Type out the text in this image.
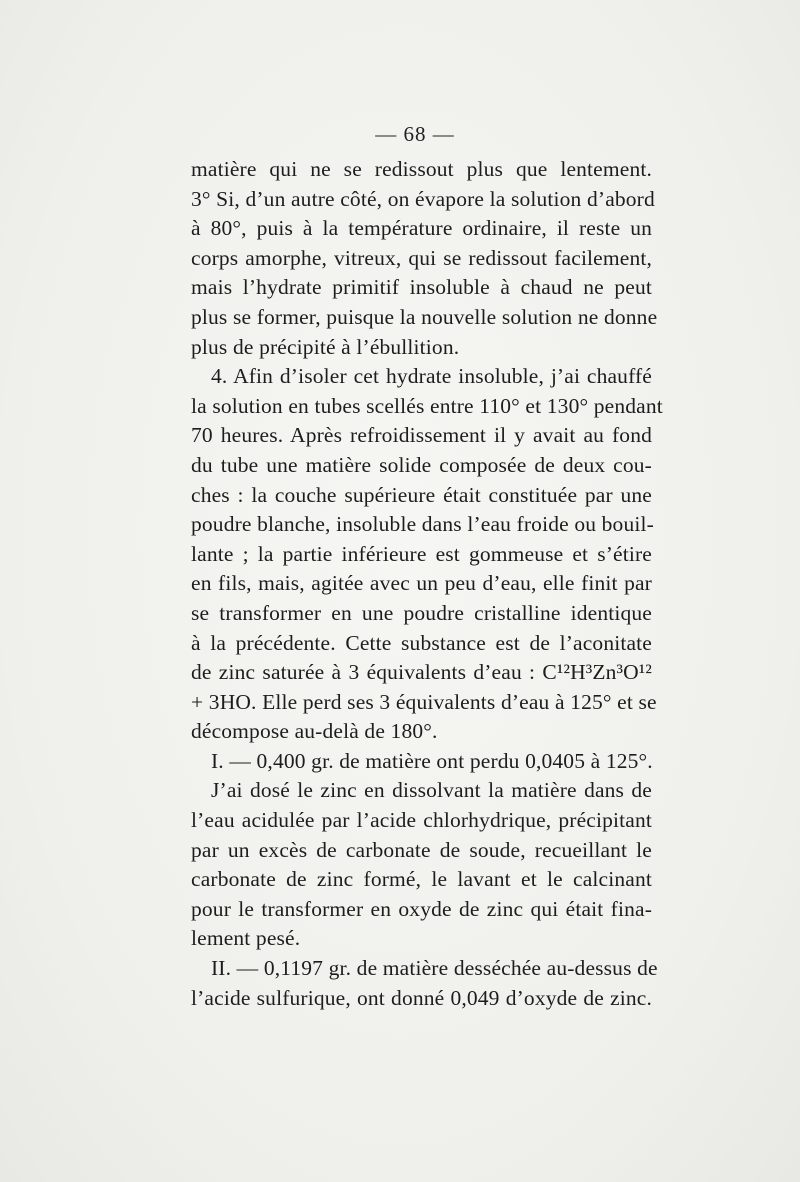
— 68 —
matière qui ne se redissout plus que lentement.
3° Si, d’un autre côté, on évapore la solution d’abord
à 80°, puis à la température ordinaire, il reste un
corps amorphe, vitreux, qui se redissout facilement,
mais l’hydrate primitif insoluble à chaud ne peut
plus se former, puisque la nouvelle solution ne donne
plus de précipité à l’ébullition.
4. Afin d’isoler cet hydrate insoluble, j’ai chauffé
la solution en tubes scellés entre 110° et 130° pendant
70 heures. Après refroidissement il y avait au fond
du tube une matière solide composée de deux cou-
ches : la couche supérieure était constituée par une
poudre blanche, insoluble dans l’eau froide ou bouil-
lante ; la partie inférieure est gommeuse et s’étire
en fils, mais, agitée avec un peu d’eau, elle finit par
se transformer en une poudre cristalline identique
à la précédente. Cette substance est de l’aconitate
de zinc saturée à 3 équivalents d’eau : C¹²H³Zn³O¹²
+ 3HO. Elle perd ses 3 équivalents d’eau à 125° et se
décompose au-delà de 180°.
I. — 0,400 gr. de matière ont perdu 0,0405 à 125°.
J’ai dosé le zinc en dissolvant la matière dans de
l’eau acidulée par l’acide chlorhydrique, précipitant
par un excès de carbonate de soude, recueillant le
carbonate de zinc formé, le lavant et le calcinant
pour le transformer en oxyde de zinc qui était fina-
lement pesé.
II. — 0,1197 gr. de matière desséchée au-dessus de
l’acide sulfurique, ont donné 0,049 d’oxyde de zinc.
